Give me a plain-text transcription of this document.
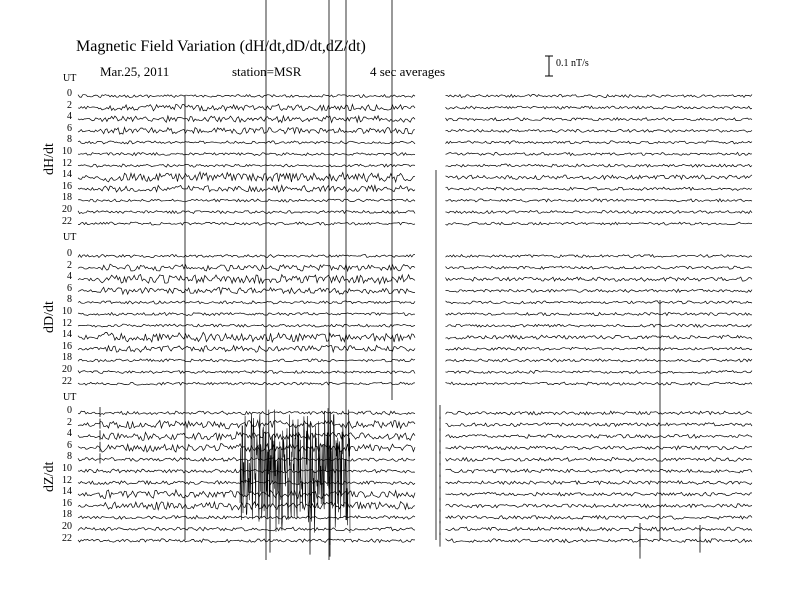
Magnetic Field Variation (dH/dt,dD/dt,dZ/dt)
Mar.25, 2011	station=MSR	4 sec averages
0.1 nT/s
UT
dH/dt
0
2
4
6
8
10
12
14
16
18
20
22
UT
dD/dt
0
2
4
6
8
10
12
14
16
18
20
22
UT
dZ/dt
0
2
4
6
8
10
12
14
16
18
20
22
